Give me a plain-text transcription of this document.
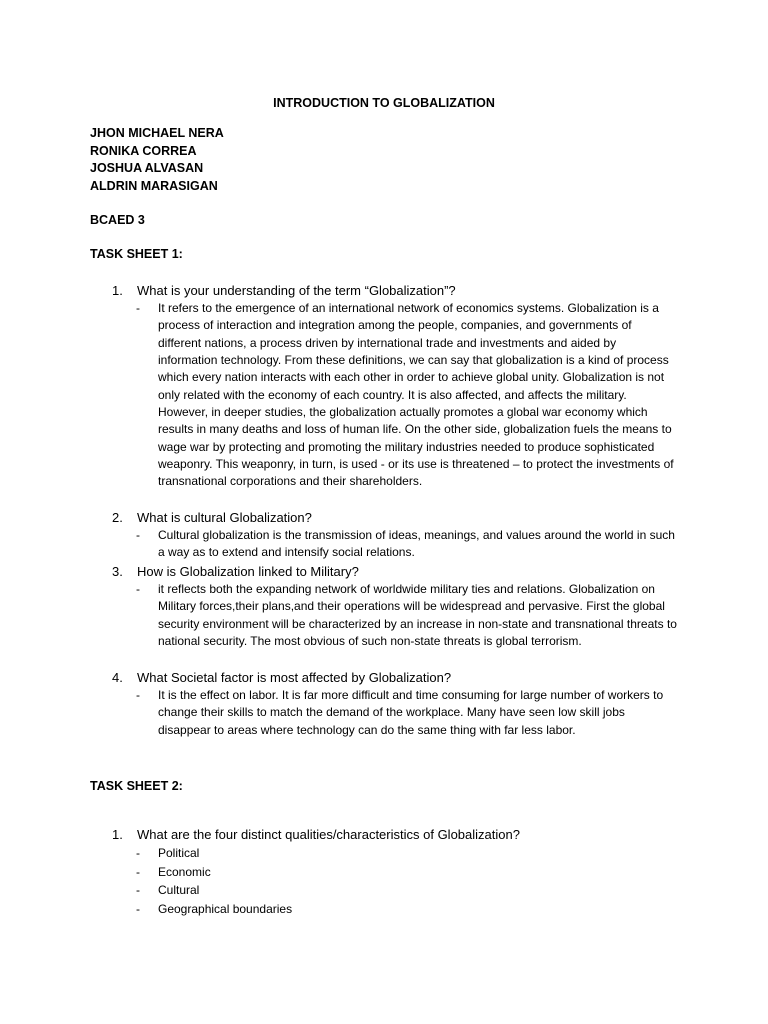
INTRODUCTION TO GLOBALIZATION
JHON MICHAEL NERA
RONIKA CORREA
JOSHUA ALVASAN
ALDRIN MARASIGAN
BCAED 3
TASK SHEET 1:
1. What is your understanding of the term “Globalization”?
- It refers to the emergence of an international network of economics systems. Globalization is a process of interaction and integration among the people, companies, and governments of different nations, a process driven by international trade and investments and aided by information technology. From these definitions, we can say that globalization is a kind of process which every nation interacts with each other in order to achieve global unity. Globalization is not only related with the economy of each country. It is also affected, and affects the military. However, in deeper studies, the globalization actually promotes a global war economy which results in many deaths and loss of human life. On the other side, globalization fuels the means to wage war by protecting and promoting the military industries needed to produce sophisticated weaponry. This weaponry, in turn, is used - or its use is threatened – to protect the investments of transnational corporations and their shareholders.
2. What is cultural Globalization?
- Cultural globalization is the transmission of ideas, meanings, and values around the world in such a way as to extend and intensify social relations.
3. How is Globalization linked to Military?
- it reflects both the expanding network of worldwide military ties and relations. Globalization on Military forces,their plans,and their operations will be widespread and pervasive. First the global security environment will be characterized by an increase in non-state and transnational threats to national security. The most obvious of such non-state threats is global terrorism.
4. What Societal factor is most affected by Globalization?
- It is the effect on labor. It is far more difficult and time consuming for large number of workers to change their skills to match the demand of the workplace. Many have seen low skill jobs disappear to areas where technology can do the same thing with far less labor.
TASK SHEET 2:
1. What are the four distinct qualities/characteristics of Globalization?
- Political
- Economic
- Cultural
- Geographical boundaries
